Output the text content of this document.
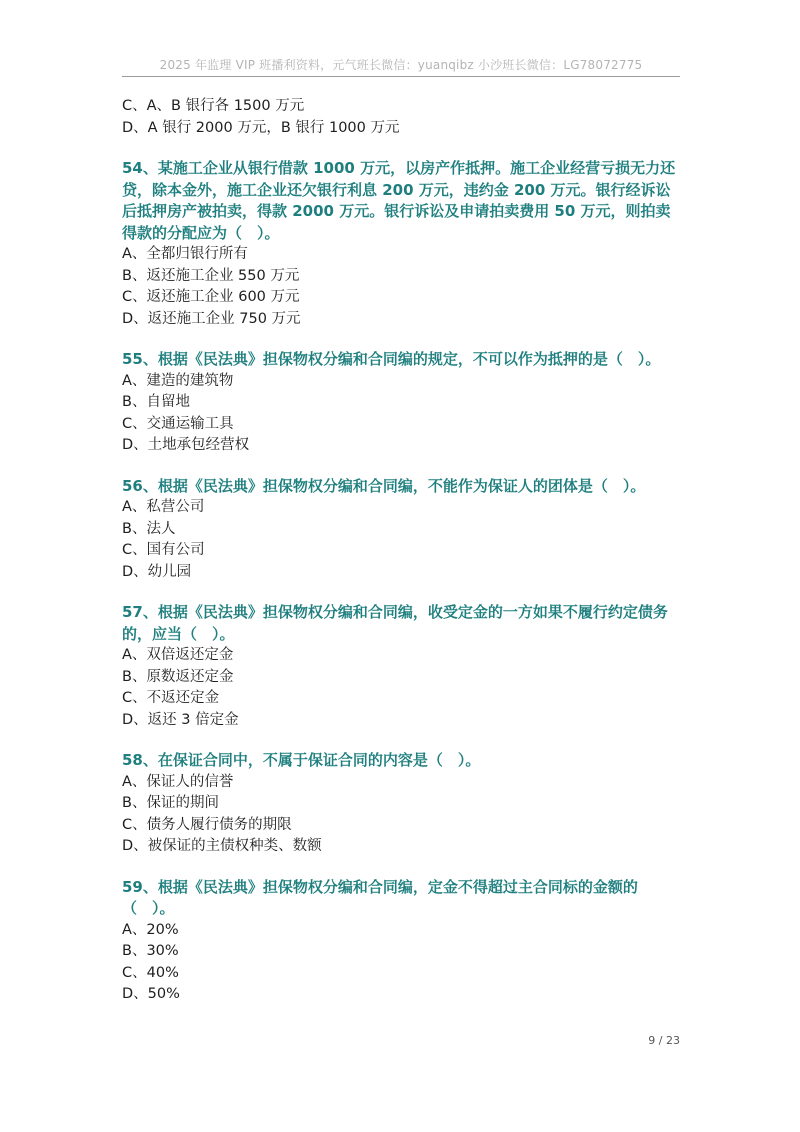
2025 年监理 VIP 班播利资料，元气班长微信：yuanqibz 小沙班长微信：LG78072775
C、A、B 银行各 1500 万元
D、A 银行 2000 万元，B 银行 1000 万元
54、某施工企业从银行借款 1000 万元，以房产作抵押。施工企业经营亏损无力还贷，除本金外，施工企业还欠银行利息 200 万元，违约金 200 万元。银行经诉讼后抵押房产被拍卖，得款 2000 万元。银行诉讼及申请拍卖费用 50 万元，则拍卖得款的分配应为（　）。
A、全都归银行所有
B、返还施工企业 550 万元
C、返还施工企业 600 万元
D、返还施工企业 750 万元
55、根据《民法典》担保物权分编和合同编的规定，不可以作为抵押的是（　）。
A、建造的建筑物
B、自留地
C、交通运输工具
D、土地承包经营权
56、根据《民法典》担保物权分编和合同编，不能作为保证人的团体是（　）。
A、私营公司
B、法人
C、国有公司
D、幼儿园
57、根据《民法典》担保物权分编和合同编，收受定金的一方如果不履行约定债务的，应当（　）。
A、双倍返还定金
B、原数返还定金
C、不返还定金
D、返还 3 倍定金
58、在保证合同中，不属于保证合同的内容是（　）。
A、保证人的信誉
B、保证的期间
C、债务人履行债务的期限
D、被保证的主债权种类、数额
59、根据《民法典》担保物权分编和合同编，定金不得超过主合同标的金额的（　）。
A、20%
B、30%
C、40%
D、50%
9 / 23
